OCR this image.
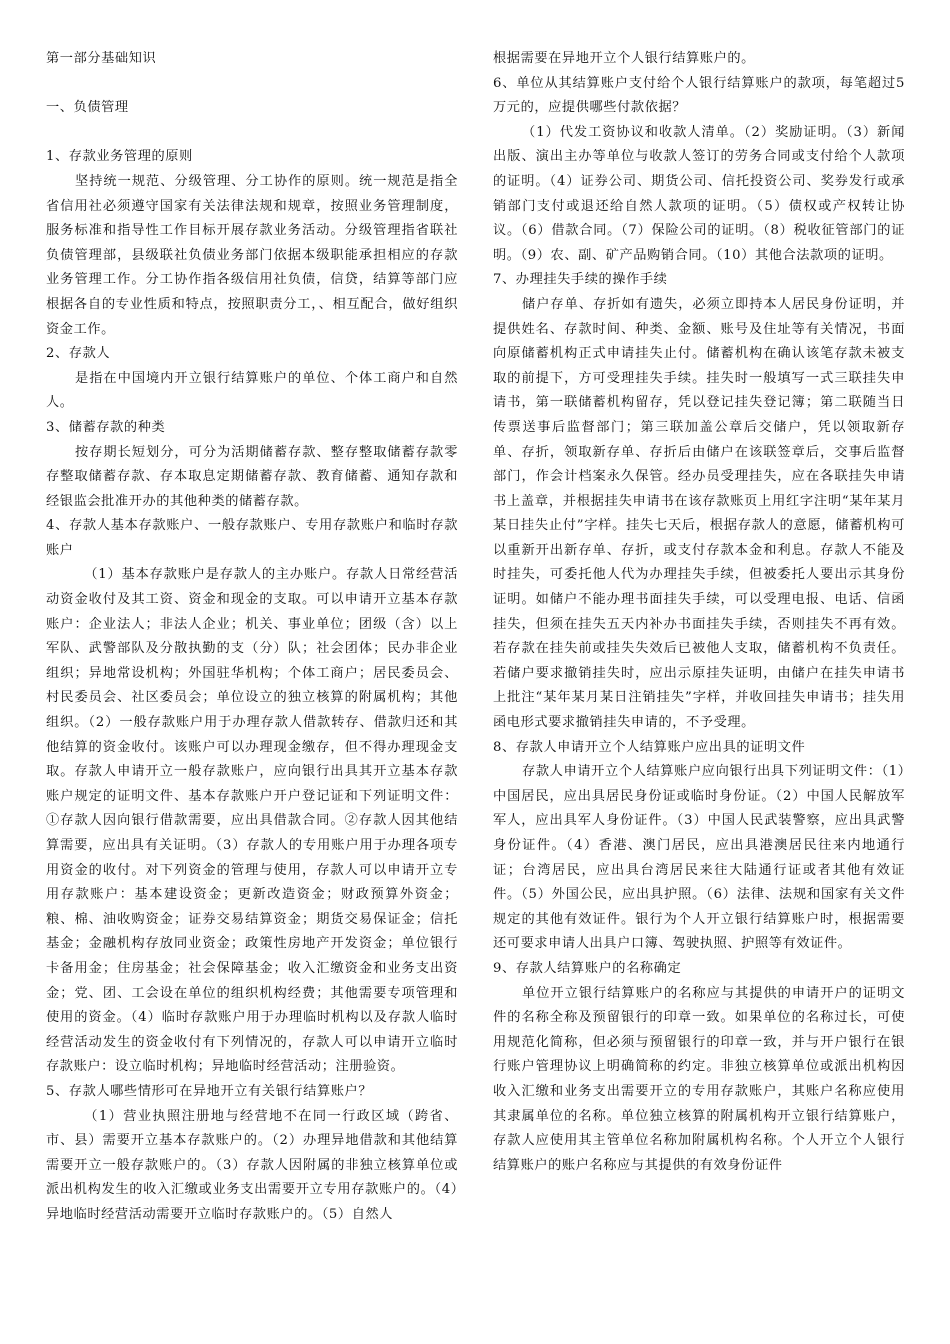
第一部分基础知识

一、负债管理

1、存款业务管理的原则

坚持统一规范、分级管理、分工协作的原则。统一规范是指全省信用社必须遵守国家有关法律法规和规章，按照业务管理制度，服务标准和指导性工作目标开展存款业务活动。分级管理指省联社负债管理部，县级联社负债业务部门依据本级职能承担相应的存款业务管理工作。分工协作指各级信用社负债，信贷，结算等部门应根据各自的专业性质和特点，按照职责分工，、相互配合，做好组织资金工作。

2、存款人

是指在中国境内开立银行结算账户的单位、个体工商户和自然人。

3、储蓄存款的种类

按存期长短划分，可分为活期储蓄存款、整存整取储蓄存款零存整取储蓄存款、存本取息定期储蓄存款、教育储蓄、通知存款和经银监会批准开办的其他种类的储蓄存款。

4、存款人基本存款账户、一般存款账户、专用存款账户和临时存款账户

（1）基本存款账户是存款人的主办账户。存款人日常经营活动资金收付及其工资、资金和现金的支取。可以申请开立基本存款账户：企业法人；非法人企业；机关、事业单位；团级（含）以上军队、武警部队及分散执勤的支（分）队；社会团体；民办非企业组织；异地常设机构；外国驻华机构；个体工商户；居民委员会、村民委员会、社区委员会；单位设立的独立核算的附属机构；其他组织。（2）一般存款账户用于办理存款人借款转存、借款归还和其他结算的资金收付。该账户可以办理现金缴存，但不得办理现金支取。存款人申请开立一般存款账户，应向银行出具其开立基本存款账户规定的证明文件、基本存款账户开户登记证和下列证明文件：①存款人因向银行借款需要，应出具借款合同。②存款人因其他结算需要，应出具有关证明。（3）存款人的专用账户用于办理各项专用资金的收付。对下列资金的管理与使用，存款人可以申请开立专用存款账户：基本建设资金；更新改造资金；财政预算外资金；粮、棉、油收购资金；证券交易结算资金；期货交易保证金；信托基金；金融机构存放同业资金；政策性房地产开发资金；单位银行卡备用金；住房基金；社会保障基金；收入汇缴资金和业务支出资金；党、团、工会设在单位的组织机构经费；其他需要专项管理和使用的资金。（4）临时存款账户用于办理临时机构以及存款人临时经营活动发生的资金收付有下列情况的，存款人可以申请开立临时存款账户：设立临时机构；异地临时经营活动；注册验资。

5、存款人哪些情形可在异地开立有关银行结算账户？

（1）营业执照注册地与经营地不在同一行政区域（跨省、市、县）需要开立基本存款账户的。（2）办理异地借款和其他结算需要开立一般存款账户的。（3）存款人因附属的非独立核算单位或派出机构发生的收入汇缴或业务支出需要开立专用存款账户的。（4）异地临时经营活动需要开立临时存款账户的。（5）自然人

根据需要在异地开立个人银行结算账户的。

6、单位从其结算账户支付给个人银行结算账户的款项，每笔超过5万元的，应提供哪些付款依据？

（1）代发工资协议和收款人清单。（2）奖励证明。（3）新闻出版、演出主办等单位与收款人签订的劳务合同或支付给个人款项的证明。（4）证券公司、期货公司、信托投资公司、奖券发行或承销部门支付或退还给自然人款项的证明。（5）债权或产权转让协议。（6）借款合同。（7）保险公司的证明。（8）税收征管部门的证明。（9）农、副、矿产品购销合同。（10）其他合法款项的证明。

7、办理挂失手续的操作手续

储户存单、存折如有遗失，必须立即持本人居民身份证明，并提供姓名、存款时间、种类、金额、账号及住址等有关情况，书面向原储蓄机构正式申请挂失止付。储蓄机构在确认该笔存款未被支取的前提下，方可受理挂失手续。挂失时一般填写一式三联挂失申请书，第一联储蓄机构留存，凭以登记挂失登记簿；第二联随当日传票送事后监督部门；第三联加盖公章后交储户，凭以领取新存单、存折，领取新存单、存折后由储户在该联签章后，交事后监督部门，作会计档案永久保管。经办员受理挂失，应在各联挂失申请书上盖章，并根据挂失申请书在该存款账页上用红字注明“某年某月某日挂失止付”字样。挂失七天后，根据存款人的意愿，储蓄机构可以重新开出新存单、存折，或支付存款本金和利息。存款人不能及时挂失，可委托他人代为办理挂失手续，但被委托人要出示其身份证明。如储户不能办理书面挂失手续，可以受理电报、电话、信函挂失，但须在挂失五天内补办书面挂失手续，否则挂失不再有效。若存款在挂失前或挂失失效后已被他人支取，储蓄机构不负责任。若储户要求撤销挂失时，应出示原挂失证明，由储户在挂失申请书上批注“某年某月某日注销挂失”字样，并收回挂失申请书；挂失用函电形式要求撤销挂失申请的，不予受理。

8、存款人申请开立个人结算账户应出具的证明文件

存款人申请开立个人结算账户应向银行出具下列证明文件：（1）中国居民，应出具居民身份证或临时身份证。（2）中国人民解放军军人，应出具军人身份证件。（3）中国人民武装警察，应出具武警身份证件。（4）香港、澳门居民，应出具港澳居民往来内地通行证；台湾居民，应出具台湾居民来往大陆通行证或者其他有效证件。（5）外国公民，应出具护照。（6）法律、法规和国家有关文件规定的其他有效证件。银行为个人开立银行结算账户时，根据需要还可要求申请人出具户口簿、驾驶执照、护照等有效证件。

9、存款人结算账户的名称确定

单位开立银行结算账户的名称应与其提供的申请开户的证明文件的名称全称及预留银行的印章一致。如果单位的名称过长，可使用规范化简称，但必须与预留银行的印章一致，并与开户银行在银行账户管理协议上明确简称的约定。非独立核算单位或派出机构因收入汇缴和业务支出需要开立的专用存款账户，其账户名称应使用其隶属单位的名称。单位独立核算的附属机构开立银行结算账户，存款人应使用其主管单位名称加附属机构名称。个人开立个人银行结算账户的账户名称应与其提供的有效身份证件
